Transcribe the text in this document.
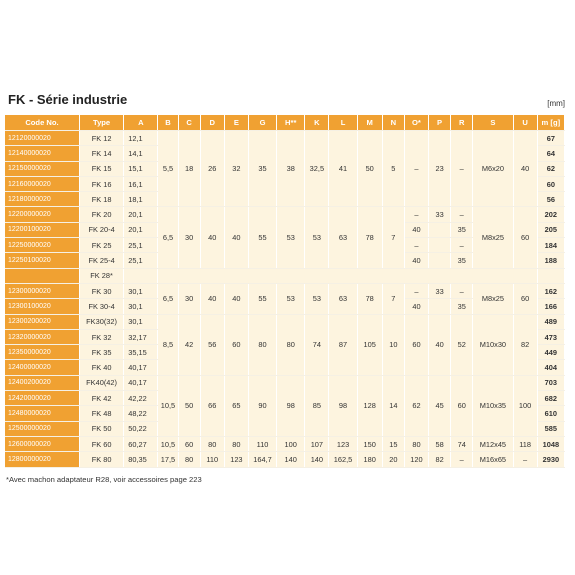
FK - Série industrie	[mm]
Code No.	Type	A	B	C	D	E	G	H**	K	L	M	N	O*	P	R	S	U	m [g]
12120000020	FK 12	12,1	5,5	18	26	32	35	38	32,5	41	50	5	–	23	–	M6x20	40	67
12140000020	FK 14	14,1																64
12150000020	FK 15	15,1																62
12160000020	FK 16	16,1																60
12180000020	FK 18	18,1																56
12200000020	FK 20	20,1	6,5	30	40	40	55	53	53	63	78	7	–	33	–	M8x25	60	202
12200100020	FK 20-4	20,1											40		35			205
12250000020	FK 25	25,1											–		–			184
12250100020	FK 25-4	25,1											40		35			188
	FK 28*																	
12300000020	FK 30	30,1	6,5	30	40	40	55	53	53	63	78	7	–	33	–	M8x25	60	162
12300100020	FK 30-4	30,1											40		35			166
12300200020	FK30(32)	30,1	8,5	42	56	60	80	80	74	87	105	10	60	40	52	M10x30	82	489
12320000020	FK 32	32,17																473
12350000020	FK 35	35,15																449
12400000020	FK 40	40,17																404
12400200020	FK40(42)	40,17	10,5	50	66	65	90	98	85	98	128	14	62	45	60	M10x35	100	703
12420000020	FK 42	42,22																682
12480000020	FK 48	48,22																610
12500000020	FK 50	50,22																585
12600000020	FK 60	60,27	10,5	60	80	80	110	100	107	123	150	15	80	58	74	M12x45	118	1048
12800000020	FK 80	80,35	17,5	80	110	123	164,7	140	140	162,5	180	20	120	82	–	M16x65	–	2930
*Avec machon adaptateur R28, voir accessoires page 223
